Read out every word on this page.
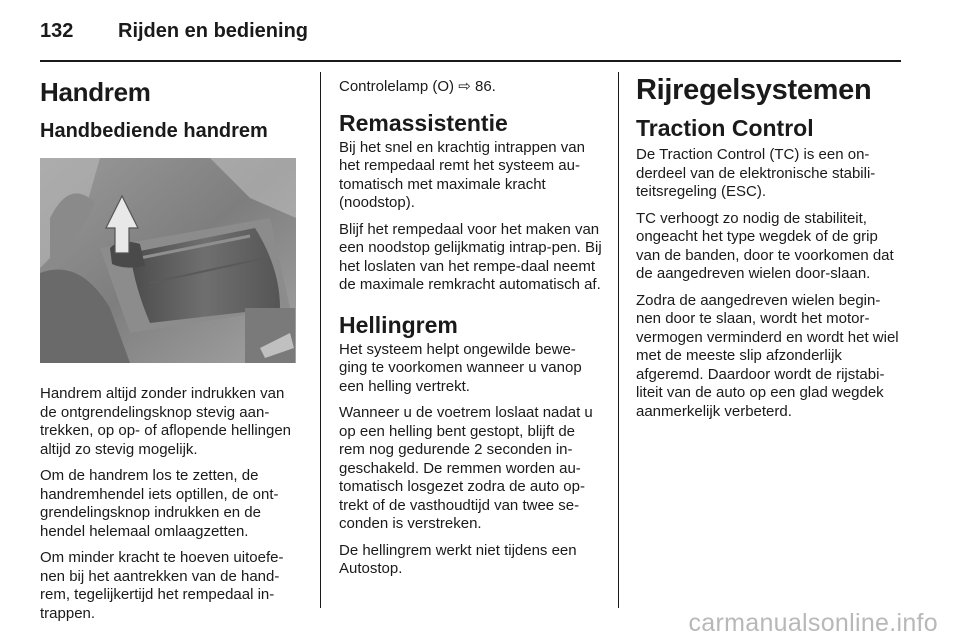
132 Rijden en bediening
Handrem
Handbediende handrem

Handrem altijd zonder indrukken van de ontgrendelingsknop stevig aan-trekken, op op- of aflopende hellingen altijd zo stevig mogelijk.

Om de handrem los te zetten, de handremhendel iets optillen, de ont-grendelingsknop indrukken en de hendel helemaal omlaagzetten.

Om minder kracht te hoeven uitoefe-nen bij het aantrekken van de hand-rem, tegelijkertijd het rempedaal in-trappen.

Controlelamp (O) ⇨ 86.

Remassistentie

Bij het snel en krachtig intrappen van het rempedaal remt het systeem au-tomatisch met maximale kracht (noodstop).

Blijf het rempedaal voor het maken van een noodstop gelijkmatig intrap-pen. Bij het loslaten van het rempe-daal neemt de maximale remkracht automatisch af.

Hellingrem

Het systeem helpt ongewilde bewe-ging te voorkomen wanneer u vanop een helling vertrekt.

Wanneer u de voetrem loslaat nadat u op een helling bent gestopt, blijft de rem nog gedurende 2 seconden in-geschakeld. De remmen worden au-tomatisch losgezet zodra de auto op-trekt of de vasthoudtijd van twee se-conden is verstreken.

De hellingrem werkt niet tijdens een Autostop.

Rijregelsystemen
Traction Control

De Traction Control (TC) is een on-derdeel van de elektronische stabili-teitsregeling (ESC).

TC verhoogt zo nodig de stabiliteit, ongeacht het type wegdek of de grip van de banden, door te voorkomen dat de aangedreven wielen door-slaan.

Zodra de aangedreven wielen begin-nen door te slaan, wordt het motor-vermogen verminderd en wordt het wiel met de meeste slip afzonderlijk afgeremd. Daardoor wordt de rijstabi-liteit van de auto op een glad wegdek aanmerkelijk verbeterd.

carmanualsonline.info
